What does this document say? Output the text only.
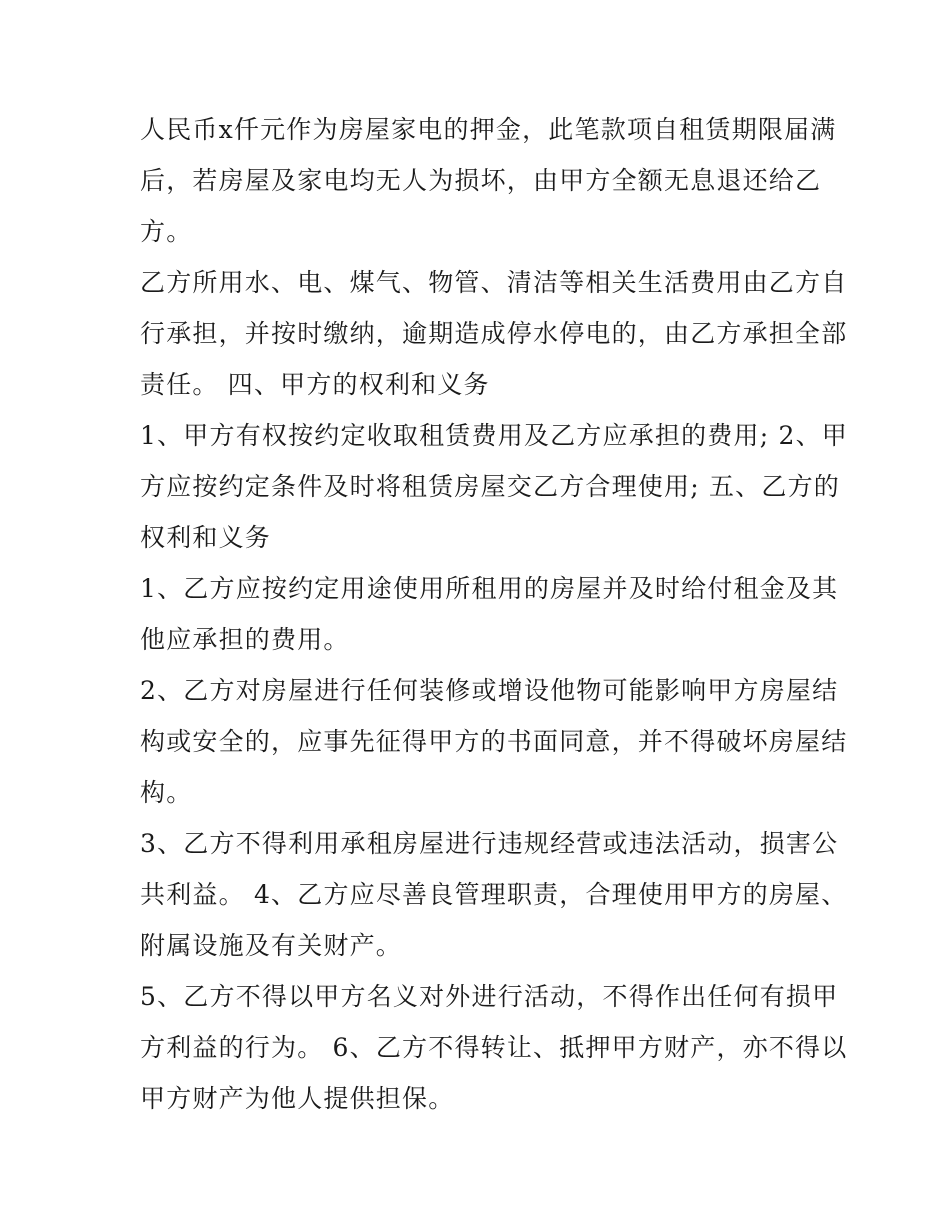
人民币x仟元作为房屋家电的押金，此笔款项自租赁期限届满
后，若房屋及家电均无人为损坏，由甲方全额无息退还给乙
方。
乙方所用水、电、煤气、物管、清洁等相关生活费用由乙方自
行承担，并按时缴纳，逾期造成停水停电的，由乙方承担全部
责任。 四、甲方的权利和义务
1、甲方有权按约定收取租赁费用及乙方应承担的费用; 2、甲
方应按约定条件及时将租赁房屋交乙方合理使用; 五、乙方的
权利和义务
1、乙方应按约定用途使用所租用的房屋并及时给付租金及其
他应承担的费用。
2、乙方对房屋进行任何装修或增设他物可能影响甲方房屋结
构或安全的，应事先征得甲方的书面同意，并不得破坏房屋结
构。
3、乙方不得利用承租房屋进行违规经营或违法活动，损害公
共利益。 4、乙方应尽善良管理职责，合理使用甲方的房屋、
附属设施及有关财产。
5、乙方不得以甲方名义对外进行活动，不得作出任何有损甲
方利益的行为。 6、乙方不得转让、抵押甲方财产，亦不得以
甲方财产为他人提供担保。
